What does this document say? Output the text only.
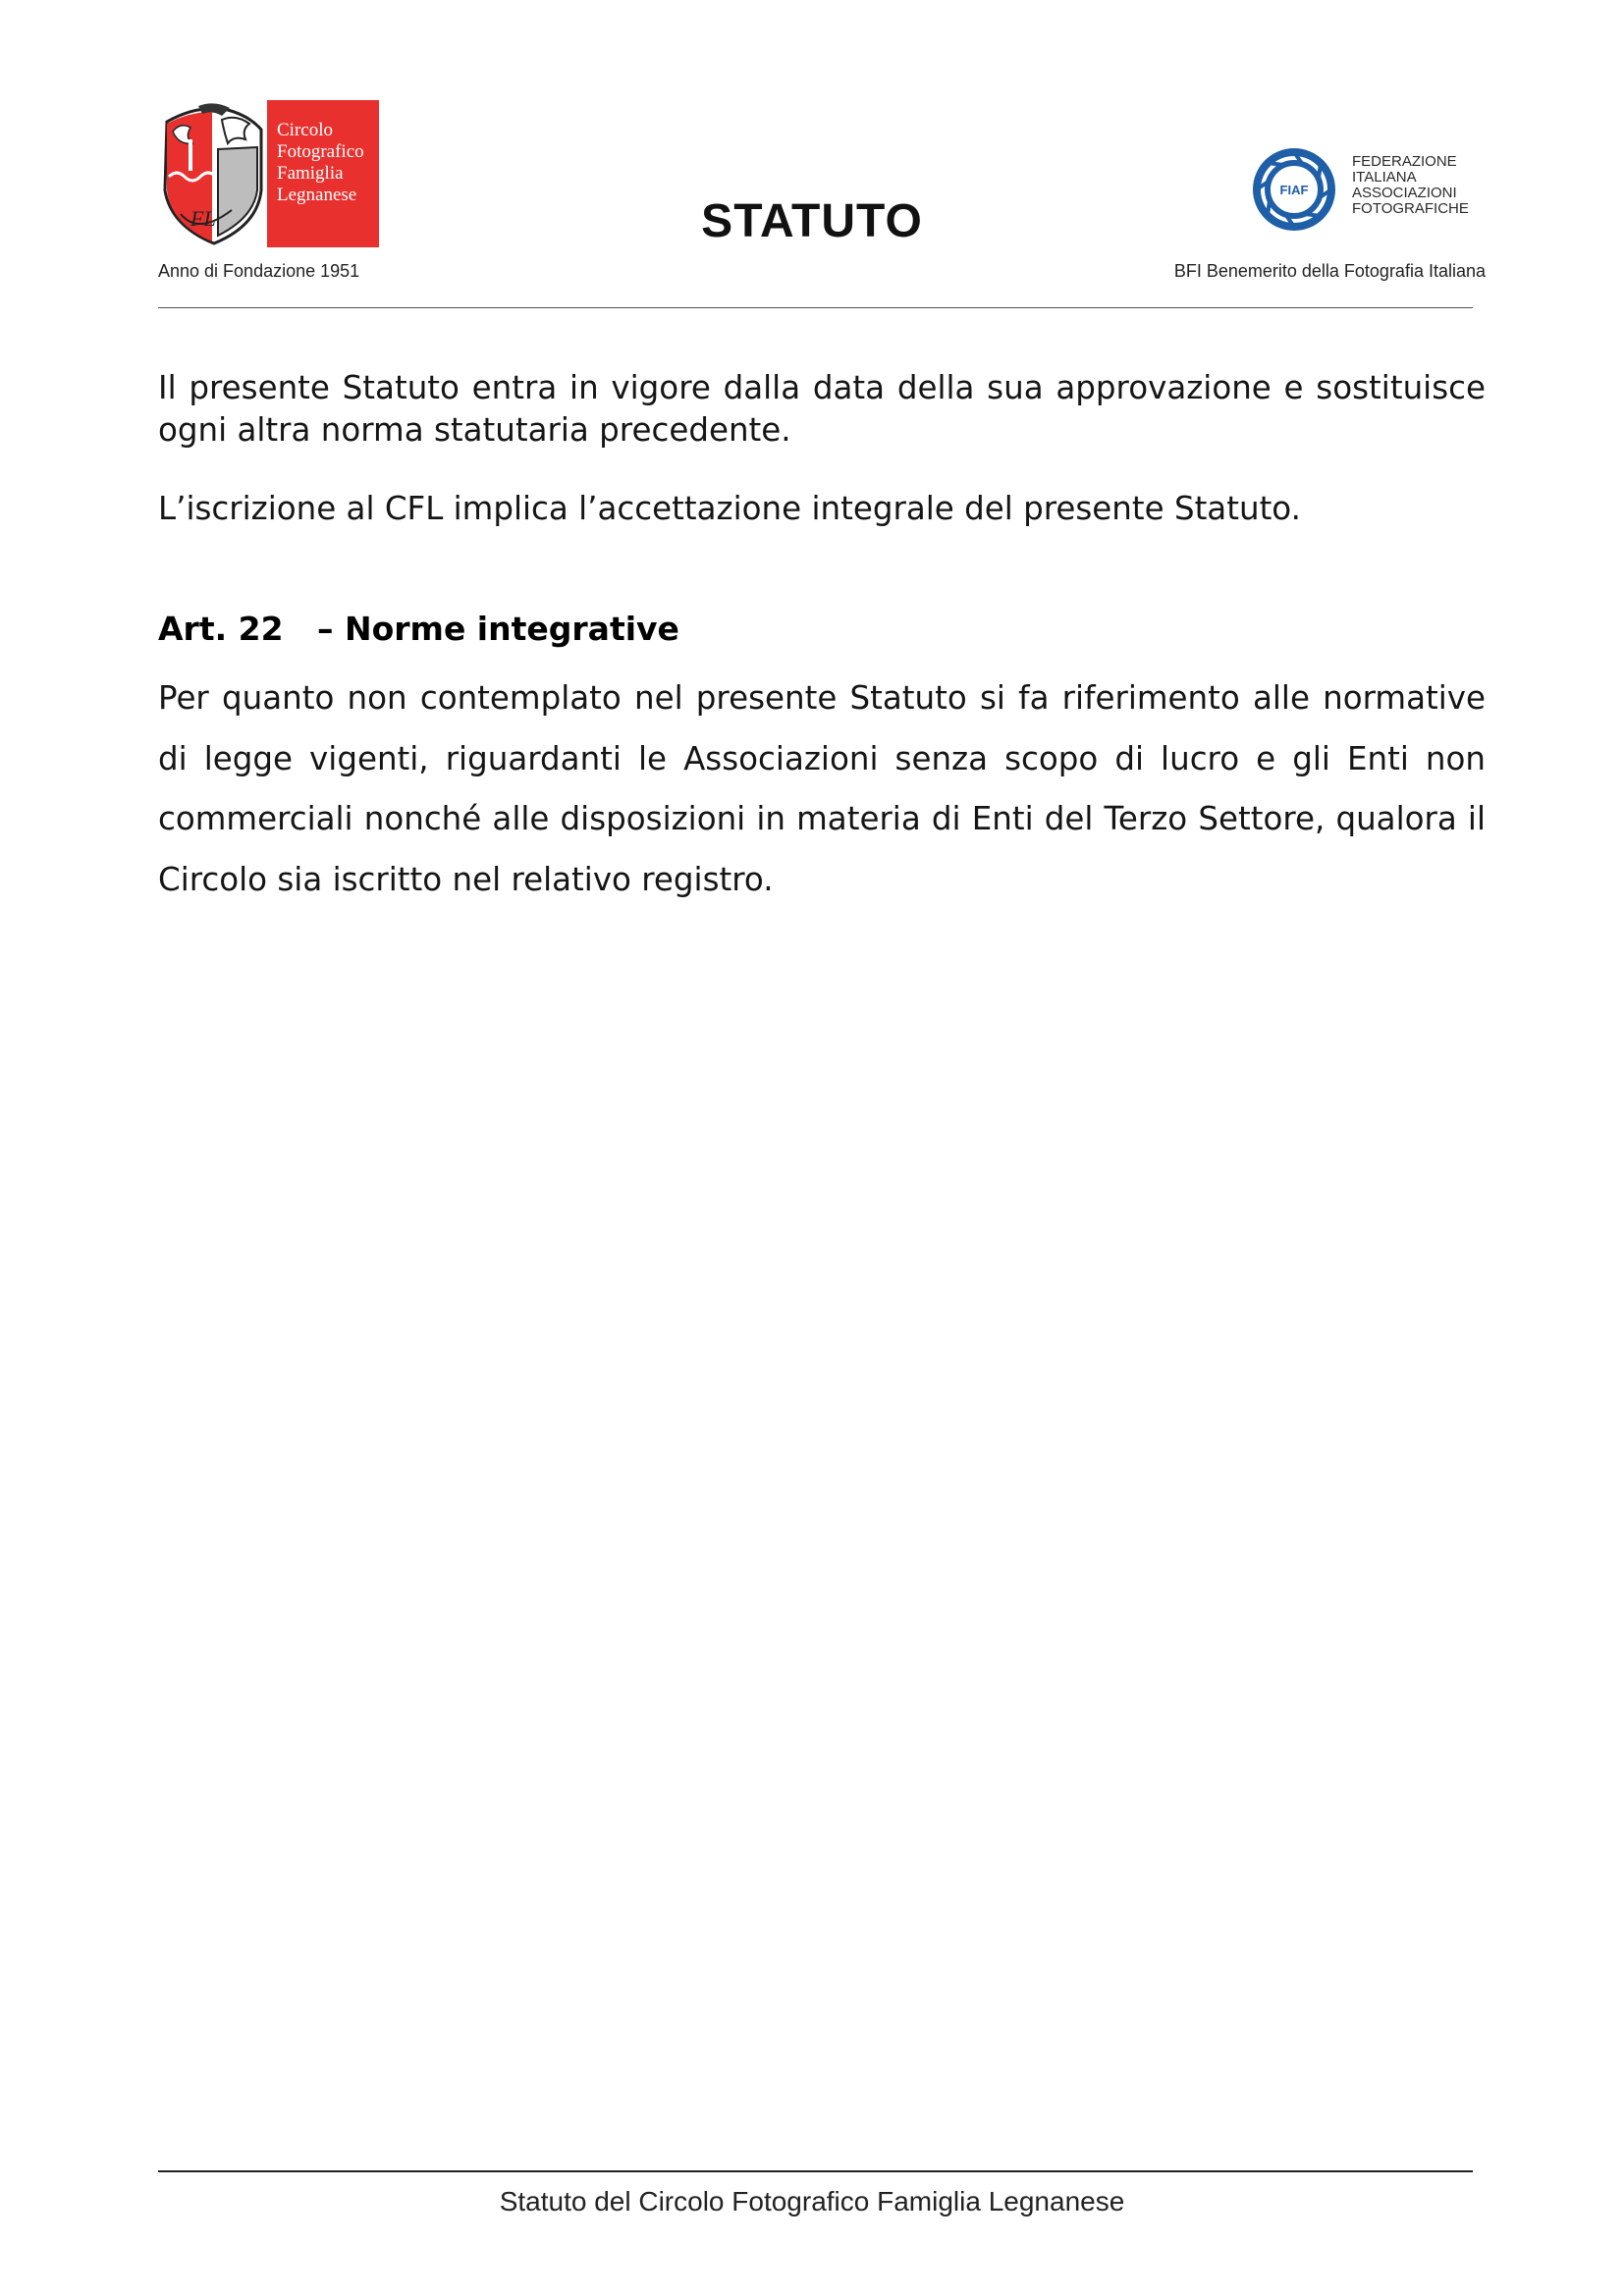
FL
Circolo
Fotografico
Famiglia
Legnanese
STATUTO
FIAF
FEDERAZIONE
ITALIANA
ASSOCIAZIONI
FOTOGRAFICHE
Anno di Fondazione 1951	BFI Benemerito della Fotografia Italiana
Il presente Statuto entra in vigore dalla data della sua approvazione e sostituisce ogni altra norma statutaria precedente.
L’iscrizione al CFL implica l’accettazione integrale del presente Statuto.
Art. 22   – Norme integrative
Per quanto non contemplato nel presente Statuto si fa riferimento alle normative di legge vigenti, riguardanti le Associazioni senza scopo di lucro e gli Enti non commerciali nonché alle disposizioni in materia di Enti del Terzo Settore, qualora il Circolo sia iscritto nel relativo registro.
Statuto del Circolo Fotografico Famiglia Legnanese
